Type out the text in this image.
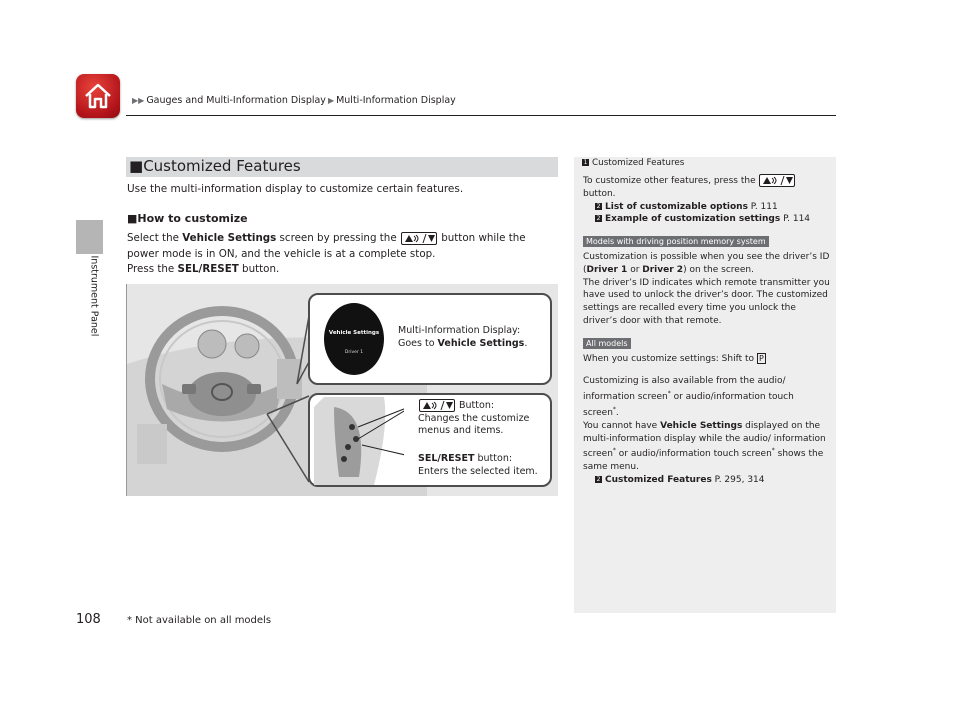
▶▶ Gauges and Multi-Information Display ▶ Multi-Information Display
Instrument Panel
■Customized Features
Use the multi-information display to customize certain features.
■How to customize
Select the Vehicle Settings screen by pressing the	button while the power mode is in ON, and the vehicle is at a complete stop.
Press the SEL/RESET button.
Vehicle Settings
Driver 1
Multi-Information Display:
Goes to Vehicle Settings.
Button:
Changes the customize
menus and items.
SEL/RESET button:
Enters the selected item.
1 Customized Features

To customize other features, press the

button.

2 List of customizable options P. 111

2 Example of customization settings P. 114

Models with driving position memory system

Customization is possible when you see the driver’s ID (Driver 1 or Driver 2) on the screen.

The driver’s ID indicates which remote transmitter you have used to unlock the driver’s door. The customized settings are recalled every time you unlock the driver’s door with that remote.

All models

When you customize settings: Shift to P

Customizing is also available from the audio/ information screen* or audio/information touch screen*.

You cannot have Vehicle Settings displayed on the multi-information display while the audio/ information screen* or audio/information touch screen* shows the same menu.

2 Customized Features P. 295, 314

108	* Not available on all models
